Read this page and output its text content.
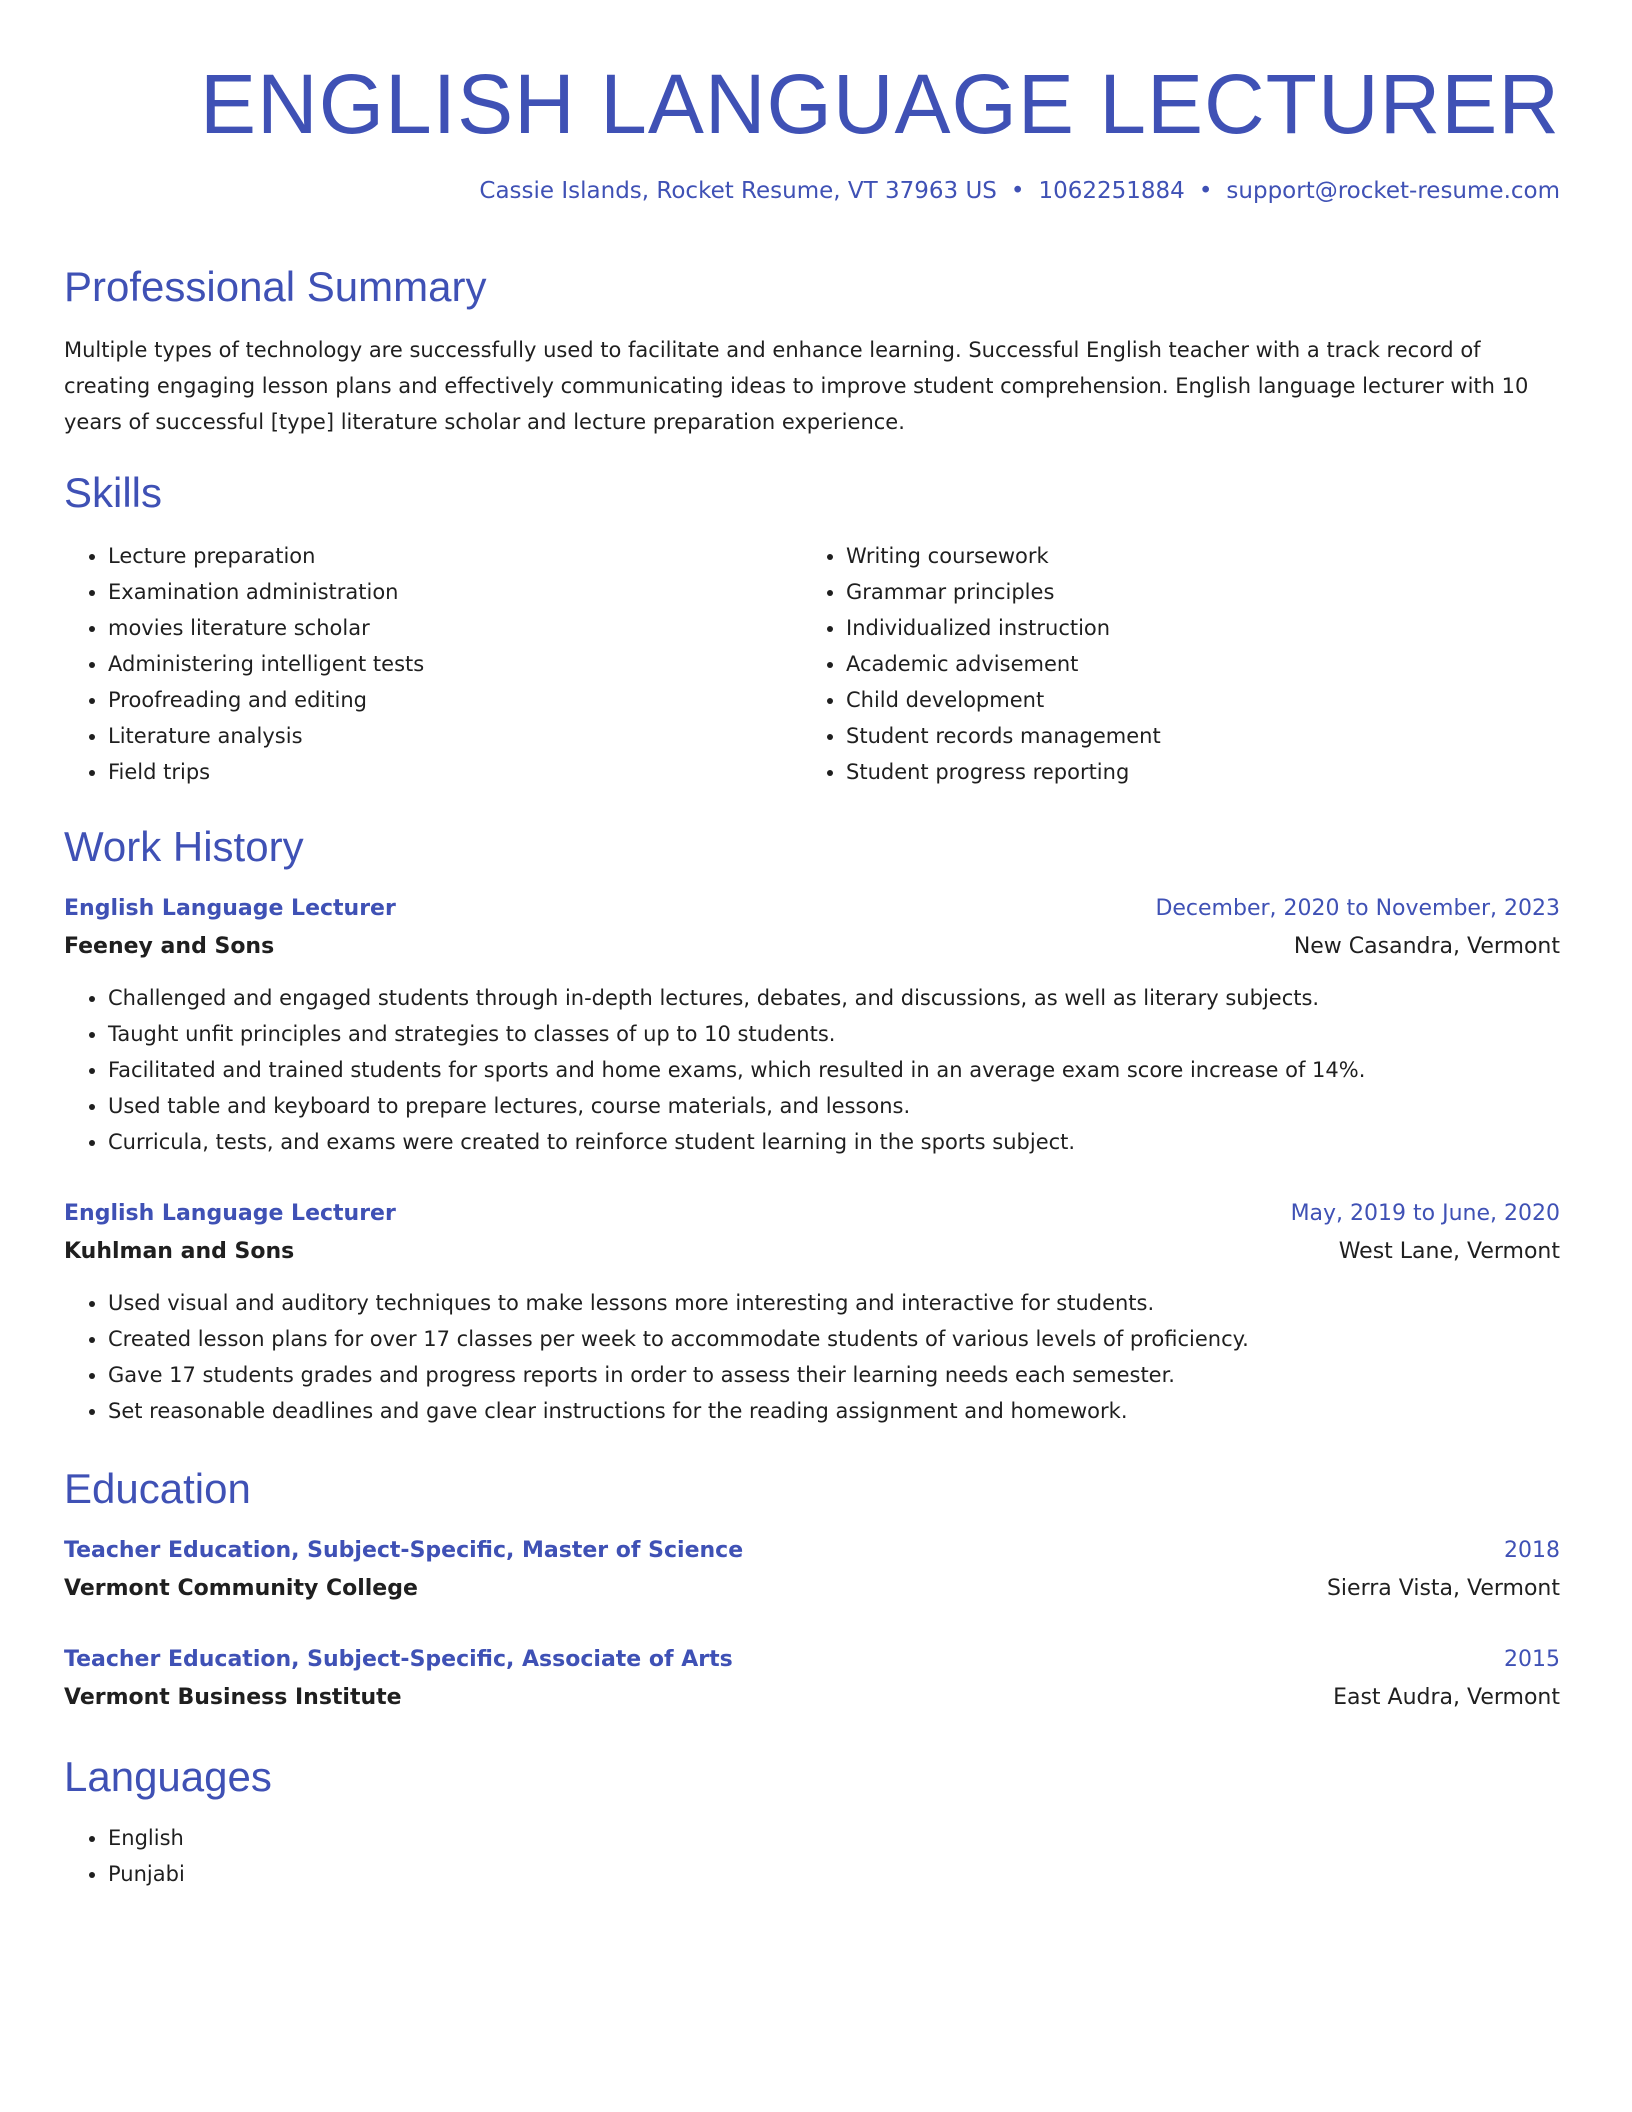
ENGLISH LANGUAGE LECTURER
Cassie Islands, Rocket Resume, VT 37963 US • 1062251884 • support@rocket-resume.com
Professional Summary
Multiple types of technology are successfully used to facilitate and enhance learning. Successful English teacher with a track record of creating engaging lesson plans and effectively communicating ideas to improve student comprehension. English language lecturer with 10 years of successful [type] literature scholar and lecture preparation experience.
Skills
• Lecture preparation
• Examination administration
• movies literature scholar
• Administering intelligent tests
• Proofreading and editing
• Literature analysis
• Field trips
• Writing coursework
• Grammar principles
• Individualized instruction
• Academic advisement
• Child development
• Student records management
• Student progress reporting
Work History
English Language Lecturer	December, 2020 to November, 2023
Feeney and Sons	New Casandra, Vermont
• Challenged and engaged students through in-depth lectures, debates, and discussions, as well as literary subjects.
• Taught unfit principles and strategies to classes of up to 10 students.
• Facilitated and trained students for sports and home exams, which resulted in an average exam score increase of 14%.
• Used table and keyboard to prepare lectures, course materials, and lessons.
• Curricula, tests, and exams were created to reinforce student learning in the sports subject.
English Language Lecturer	May, 2019 to June, 2020
Kuhlman and Sons	West Lane, Vermont
• Used visual and auditory techniques to make lessons more interesting and interactive for students.
• Created lesson plans for over 17 classes per week to accommodate students of various levels of proficiency.
• Gave 17 students grades and progress reports in order to assess their learning needs each semester.
• Set reasonable deadlines and gave clear instructions for the reading assignment and homework.
Education
Teacher Education, Subject-Specific, Master of Science	2018
Vermont Community College	Sierra Vista, Vermont
Teacher Education, Subject-Specific, Associate of Arts	2015
Vermont Business Institute	East Audra, Vermont
Languages
• English
• Punjabi
